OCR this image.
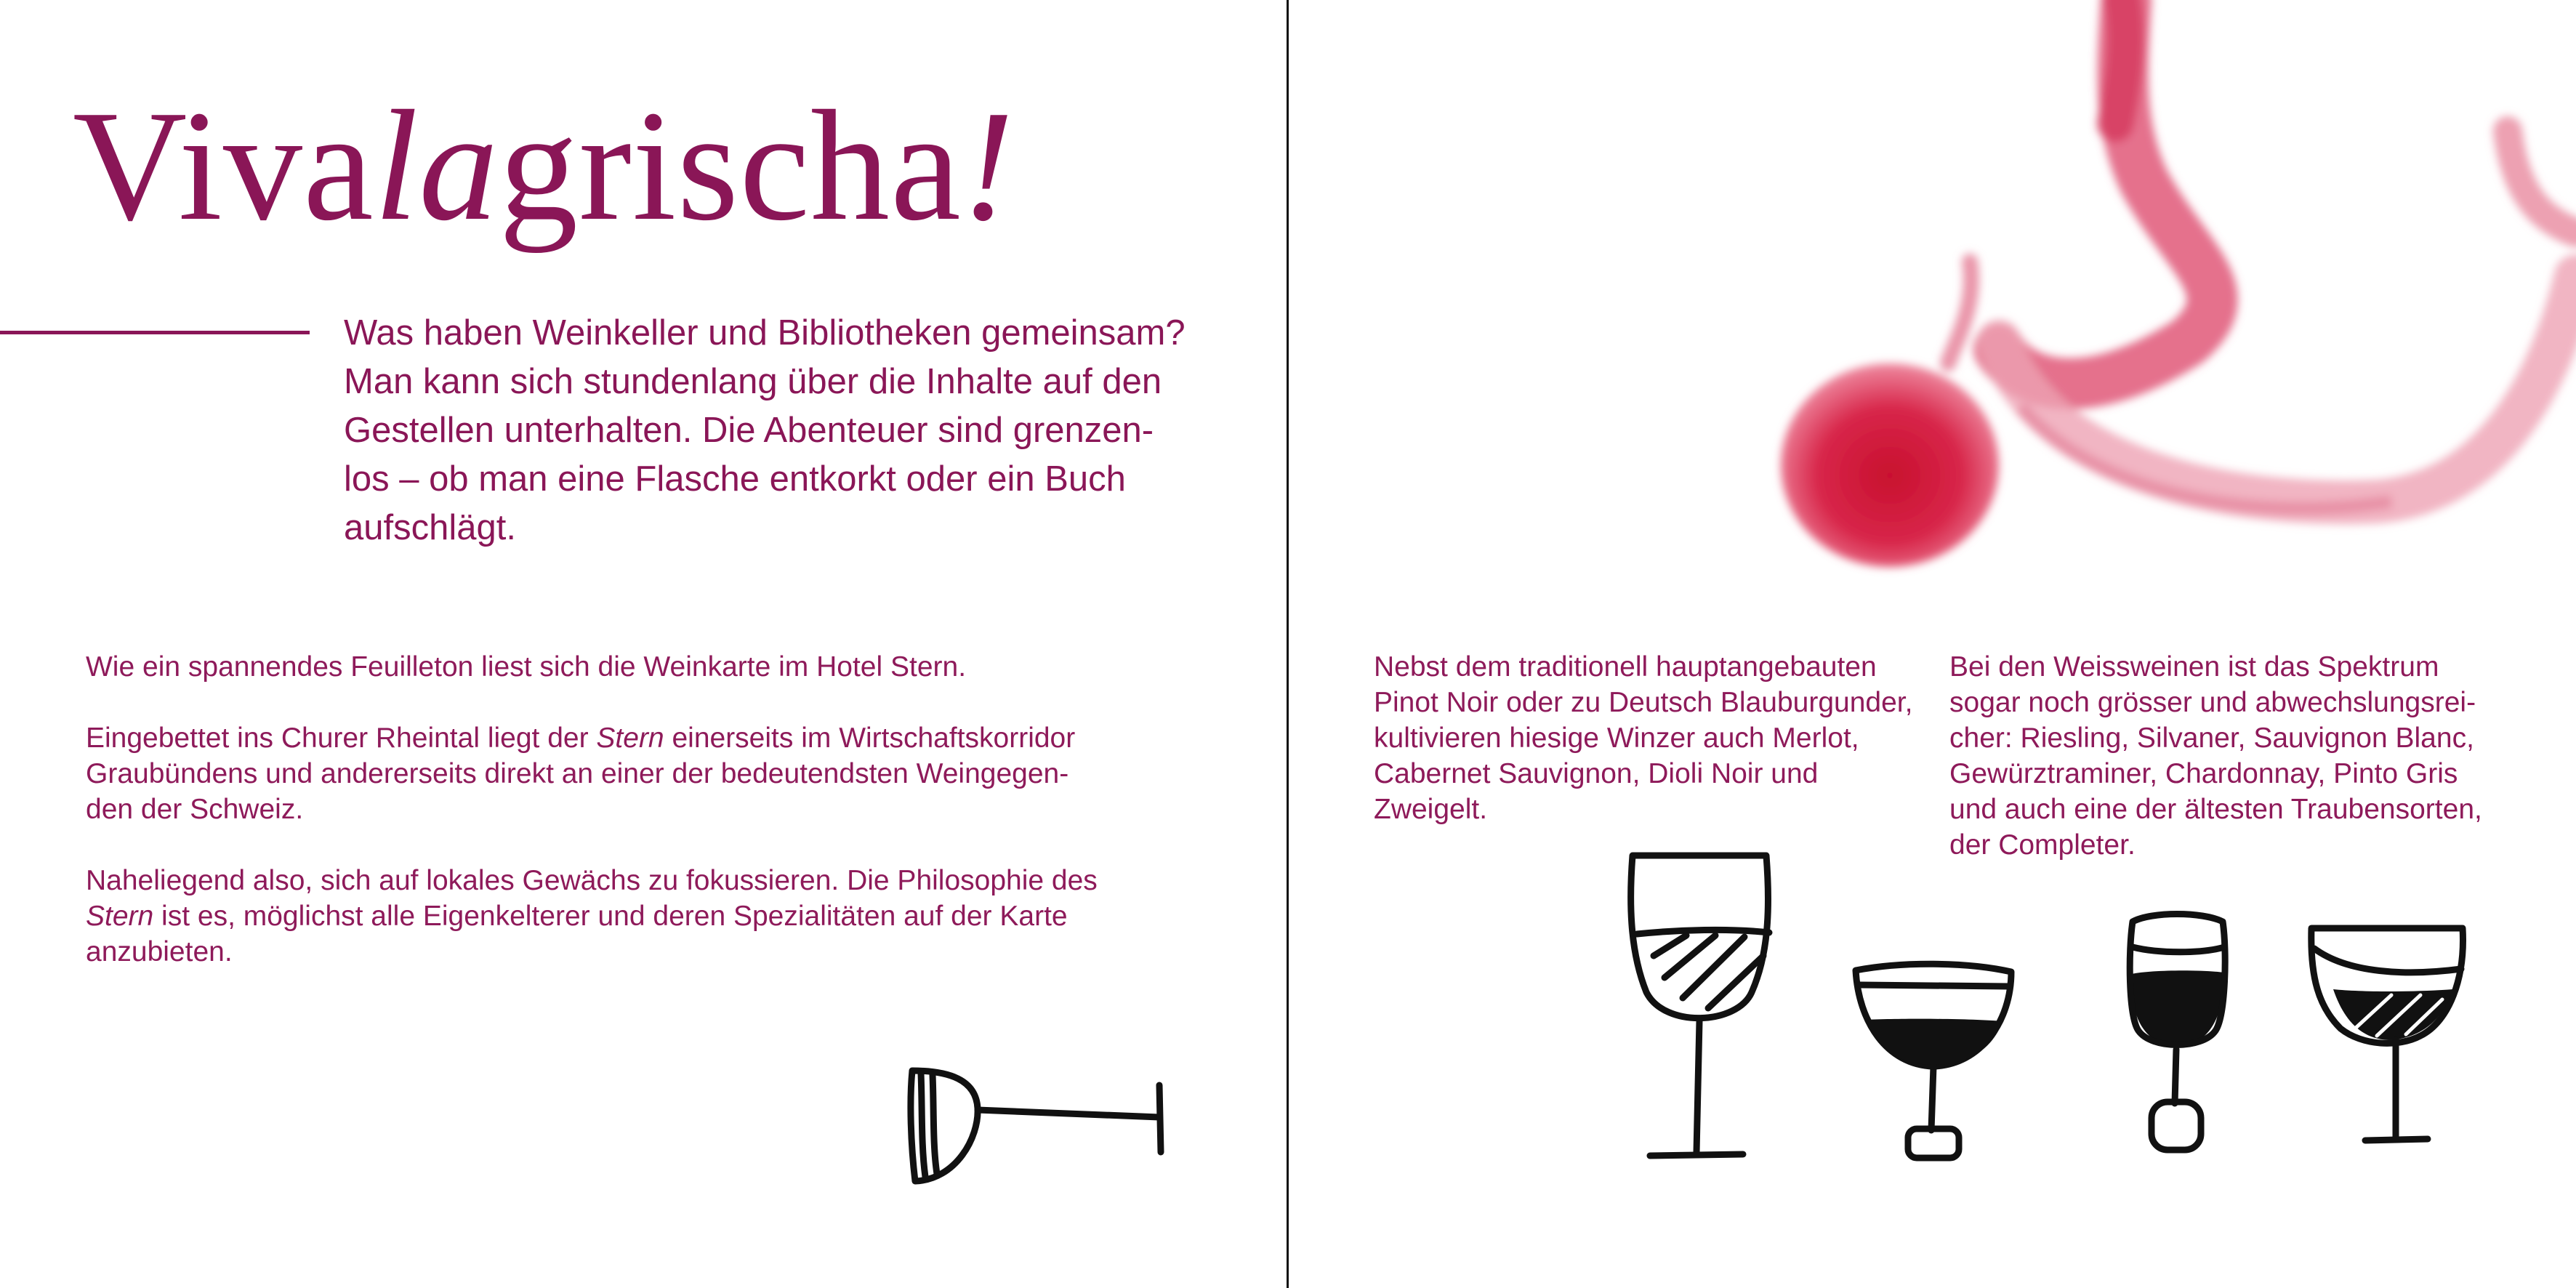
Vivalagrischa!

Was haben Weinkeller und Bibliotheken gemeinsam?

Man kann sich stundenlang über die Inhalte auf den

Gestellen unterhalten. Die Abenteuer sind grenzen-

los – ob man eine Flasche entkorkt oder ein Buch

aufschlägt.

Wie ein spannendes Feuilleton liest sich die Weinkarte im Hotel Stern.

Eingebettet ins Churer Rheintal liegt der Stern einerseits im Wirtschaftskorridor

Graubündens und andererseits direkt an einer der bedeutendsten Weingegen-

den der Schweiz.

Naheliegend also, sich auf lokales Gewächs zu fokussieren. Die Philosophie des

Stern ist es, möglichst alle Eigenkelterer und deren Spezialitäten auf der Karte

anzubieten.

Nebst dem traditionell hauptangebauten

Pinot Noir oder zu Deutsch Blauburgunder,

kultivieren hiesige Winzer auch Merlot,

Cabernet Sauvignon, Dioli Noir und

Zweigelt.

Bei den Weissweinen ist das Spektrum

sogar noch grösser und abwechslungsrei-

cher: Riesling, Silvaner, Sauvignon Blanc,

Gewürztraminer, Chardonnay, Pinto Gris

und auch eine der ältesten Traubensorten,

der Completer.
